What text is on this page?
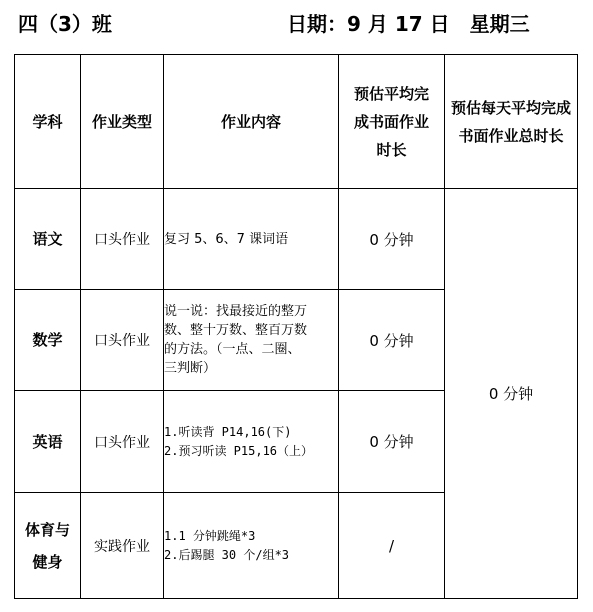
四（3）班	日期：9 月 17 日　星期三
学科	作业类型	作业内容	预估平均完
成书面作业
时长	预估每天平均完成
书面作业总时长

语文	口头作业	复习 5、6、7 课词语	0 分钟	0 分钟

数学	口头作业	说一说：找最接近的整万
数、整十万数、整百万数
的方法。（一点、二圈、
三判断）	0 分钟	

英语	口头作业	1.听读背 P14,16(下)
2.预习听读 P15,16（上）	0 分钟	

体育与
健身	实践作业	1.1 分钟跳绳*3
2.后踢腿 30 个/组*3	/	
